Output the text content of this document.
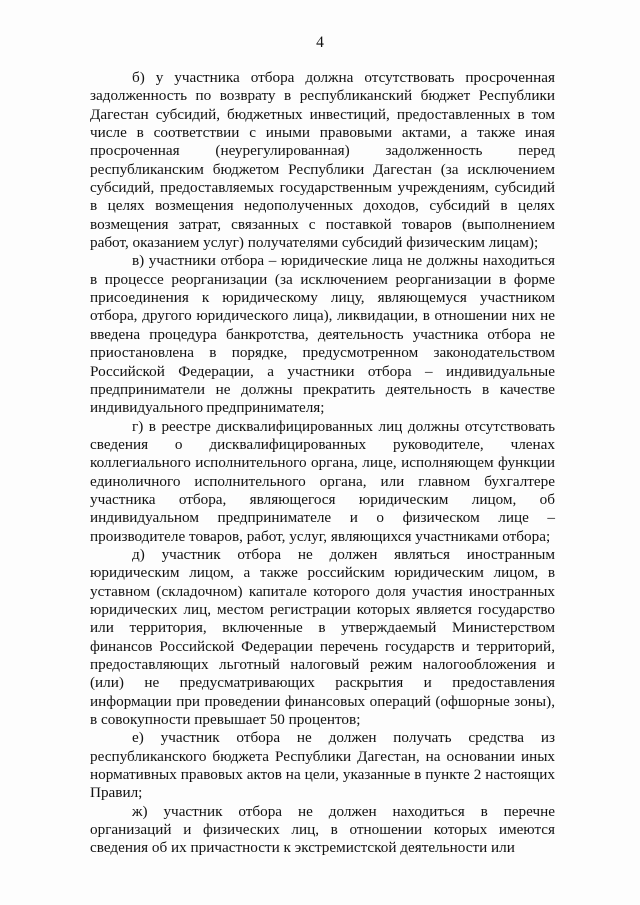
4

б) у участника отбора должна отсутствовать просроченная задолженность по возврату в республиканский бюджет Республики Дагестан субсидий, бюджетных инвестиций, предоставленных в том числе в соответствии с иными правовыми актами, а также иная просроченная (неурегулированная) задолженность перед республиканским бюджетом Республики Дагестан (за исключением субсидий, предоставляемых государственным учреждениям, субсидий в целях возмещения недополученных доходов, субсидий в целях возмещения затрат, связанных с поставкой товаров (выполнением работ, оказанием услуг) получателями субсидий физическим лицам);

в) участники отбора – юридические лица не должны находиться в процессе реорганизации (за исключением реорганизации в форме присоединения к юридическому лицу, являющемуся участником отбора, другого юридического лица), ликвидации, в отношении них не введена процедура банкротства, деятельность участника отбора не приостановлена в порядке, предусмотренном законодательством Российской Федерации, а участники отбора – индивидуальные предприниматели не должны прекратить деятельность в качестве индивидуального предпринимателя;

г) в реестре дисквалифицированных лиц должны отсутствовать сведения о дисквалифицированных руководителе, членах коллегиального исполнительного органа, лице, исполняющем функции единоличного исполнительного органа, или главном бухгалтере участника отбора, являющегося юридическим лицом, об индивидуальном предпринимателе и о физическом лице – производителе товаров, работ, услуг, являющихся участниками отбора;

д) участник отбора не должен являться иностранным юридическим лицом, а также российским юридическим лицом, в уставном (складочном) капитале которого доля участия иностранных юридических лиц, местом регистрации которых является государство или территория, включенные в утверждаемый Министерством финансов Российской Федерации перечень государств и территорий, предоставляющих льготный налоговый режим налогообложения и (или) не предусматривающих раскрытия и предоставления информации при проведении финансовых операций (офшорные зоны), в совокупности превышает 50 процентов;

е) участник отбора не должен получать средства из республиканского бюджета Республики Дагестан, на основании иных нормативных правовых актов на цели, указанные в пункте 2 настоящих Правил;

ж) участник отбора не должен находиться в перечне организаций и физических лиц, в отношении которых имеются сведения об их причастности к экстремистской деятельности или
